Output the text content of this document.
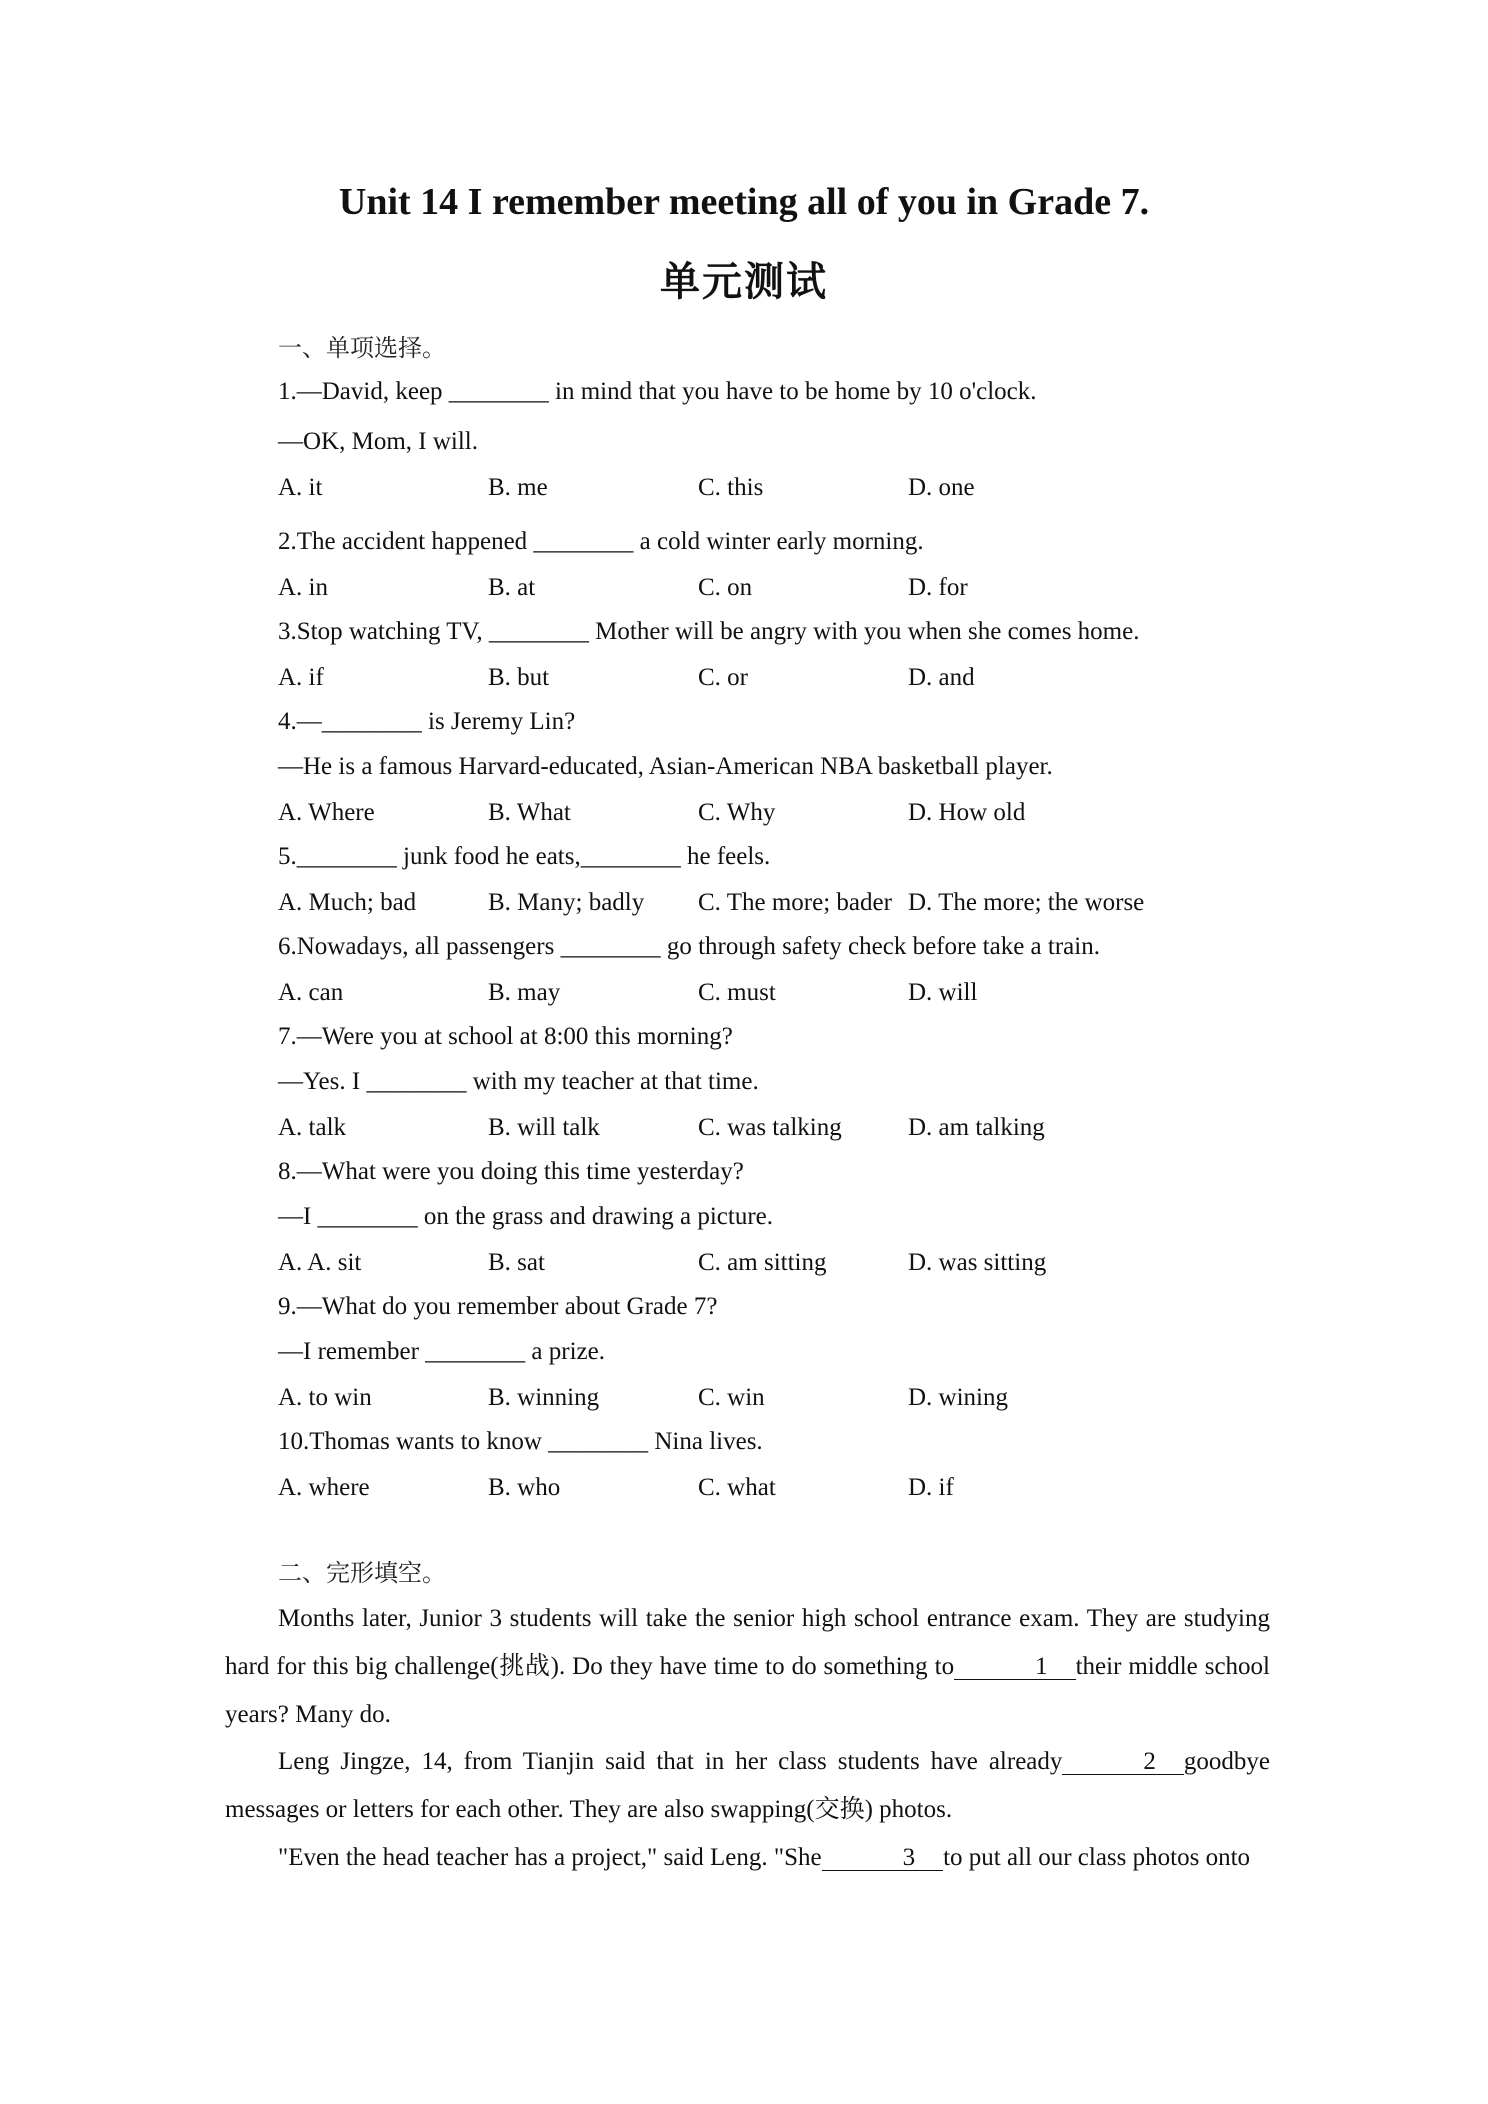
Unit 14 I remember meeting all of you in Grade 7.
单元测试
一、单项选择。
1.—David, keep ________ in mind that you have to be home by 10 o'clock.
—OK, Mom, I will.
A. it	B. me	C. this	D. one
2.The accident happened ________ a cold winter early morning.
A. in	B. at	C. on	D. for
3.Stop watching TV, ________ Mother will be angry with you when she comes home.
A. if	B. but	C. or	D. and
4.—________ is Jeremy Lin?
—He is a famous Harvard-educated, Asian-American NBA basketball player.
A. Where	B. What	C. Why	D. How old
5.________ junk food he eats,________ he feels.
A. Much; bad	B. Many; badly C. The more; bader D. The more; the worse
6.Nowadays, all passengers ________ go through safety check before take a train.
A. can	B. may	C. must	D. will
7.—Were you at school at 8:00 this morning?
—Yes. I ________ with my teacher at that time.
A. talk	B. will talk	C. was talking	D. am talking
8.—What were you doing this time yesterday?
—I ________ on the grass and drawing a picture.
A. A. sit	B. sat	C. am sitting	D. was sitting
9.—What do you remember about Grade 7?
—I remember ________ a prize.
A. to win	B. winning	C. win	D. wining
10.Thomas wants to know ________ Nina lives.
A. where	B. who	C. what	D. if
二、完形填空。
Months later, Junior 3 students will take the senior high school entrance exam. They are studying hard for this big challenge(挑战). Do they have time to do something to	1 their middle school years? Many do.
Leng Jingze, 14, from Tianjin said that in her class students have already	2 goodbye messages or letters for each other. They are also swapping(交换) photos.
"Even the head teacher has a project," said Leng. "She	3 to put all our class photos onto
